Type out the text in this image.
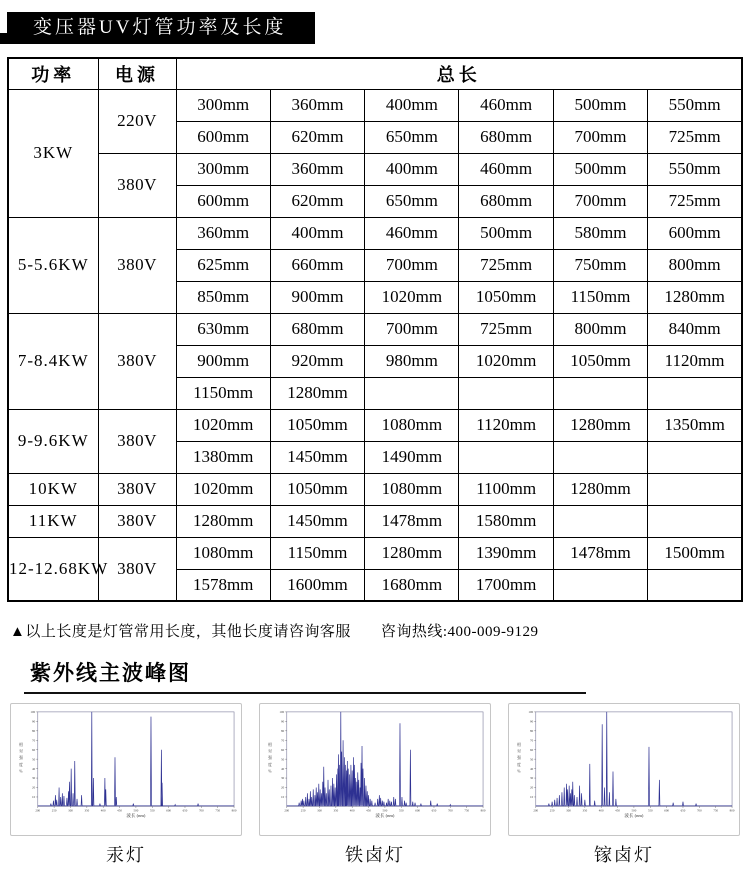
变压器UV灯管功率及长度
功率	电源	总长					
3KW	220V	300mm	360mm	400mm	460mm	500mm	550mm
		600mm	620mm	650mm	680mm	700mm	725mm
	380V	300mm	360mm	400mm	460mm	500mm	550mm
		600mm	620mm	650mm	680mm	700mm	725mm
5-5.6KW	380V	360mm	400mm	460mm	500mm	580mm	600mm
		625mm	660mm	700mm	725mm	750mm	800mm
		850mm	900mm	1020mm	1050mm	1150mm	1280mm
7-8.4KW	380V	630mm	680mm	700mm	725mm	800mm	840mm
		900mm	920mm	980mm	1020mm	1050mm	1120mm
		1150mm	1280mm				
9-9.6KW	380V	1020mm	1050mm	1080mm	1120mm	1280mm	1350mm
		1380mm	1450mm	1490mm			
10KW	380V	1020mm	1050mm	1080mm	1100mm	1280mm	
11KW	380V	1280mm	1450mm	1478mm	1580mm		
12-12.68KW	380V	1080mm	1150mm	1280mm	1390mm	1478mm	1500mm
		1578mm	1600mm	1680mm	1700mm		
▲以上长度是灯管常用长度，其他长度请咨询客服 咨询热线:400-009-9129
紫外线主波峰图
10
20
30
40
50
60
70
80
90
100
200	250	300	350	400	450	500	550	600	650	700	750	800
波长 (nm)
相
对
强
度
%
10
20
30
40
50
60
70
80
90
100
200	250	300	350	400	450	500	550	600	650	700	750	800
波长 (nm)
相
对
强
度
%
10
20
30
40
50
60
70
80
90
100
200	250	300	350	400	450	500	550	600	650	700	750	800
波长 (nm)
相
对
强
度
%
汞灯	铁卤灯	镓卤灯
